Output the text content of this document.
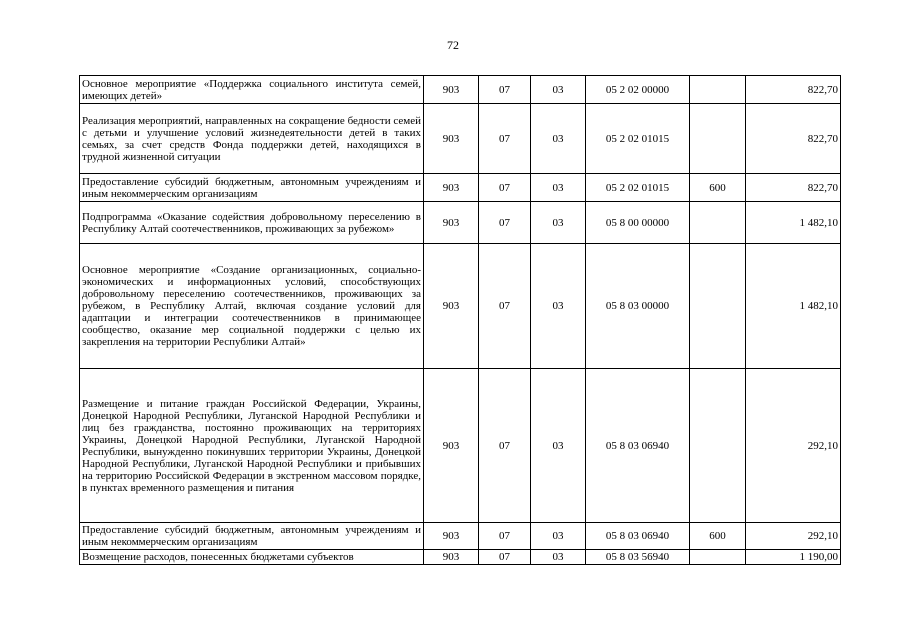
72
Основное мероприятие «Поддержка социального института семей, имеющих детей»	903	07	03	05 2 02 00000		822,70
Реализация мероприятий, направленных на сокращение бедности семей с детьми и улучшение условий жизнедеятельности детей в таких семьях, за счет средств Фонда поддержки детей, находящихся в трудной жизненной ситуации	903	07	03	05 2 02 01015		822,70
Предоставление субсидий бюджетным, автономным учреждениям и иным некоммерческим организациям	903	07	03	05 2 02 01015	600	822,70
Подпрограмма «Оказание содействия добровольному переселению в Республику Алтай соотечественников, проживающих за рубежом»	903	07	03	05 8 00 00000		1 482,10
Основное мероприятие «Создание организационных, социально-экономических и информационных условий, способствующих добровольному переселению соотечественников, проживающих за рубежом, в Республику Алтай, включая создание условий для адаптации и интеграции соотечественников в принимающее сообщество, оказание мер социальной поддержки с целью их закрепления на территории Республики Алтай»	903	07	03	05 8 03 00000		1 482,10
Размещение и питание граждан Российской Федерации, Украины, Донецкой Народной Республики, Луганской Народной Республики и лиц без гражданства, постоянно проживающих на территориях Украины, Донецкой Народной Республики, Луганской Народной Республики, вынужденно покинувших территории Украины, Донецкой Народной Республики, Луганской Народной Республики и прибывших на территорию Российской Федерации в экстренном массовом порядке, в пунктах временного размещения и питания	903	07	03	05 8 03 06940		292,10
Предоставление субсидий бюджетным, автономным учреждениям и иным некоммерческим организациям	903	07	03	05 8 03 06940	600	292,10
Возмещение расходов, понесенных бюджетами субъектов	903	07	03	05 8 03 56940		1 190,00
